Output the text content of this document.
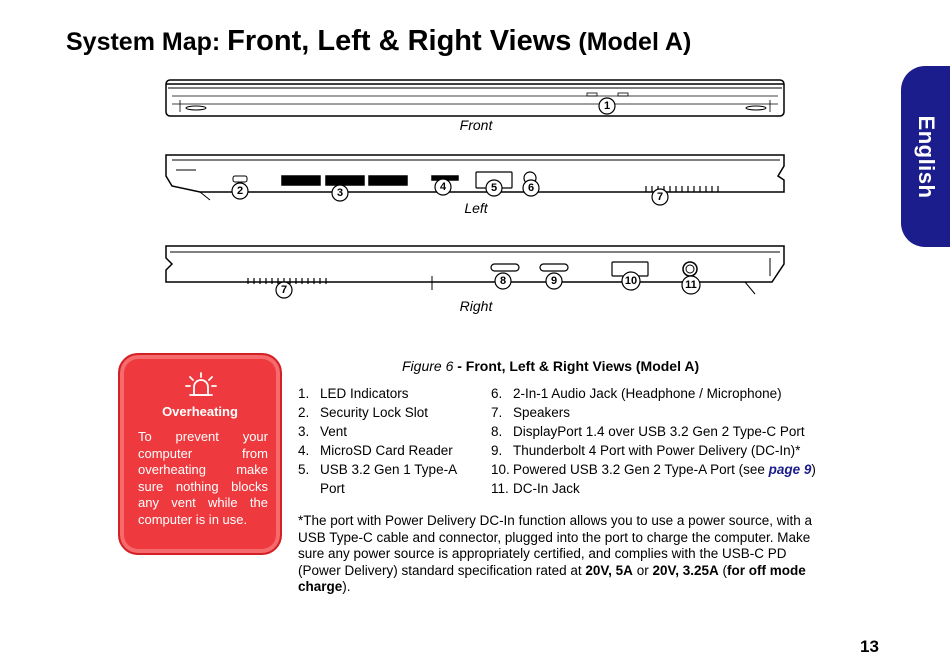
System Map: Front, Left & Right Views (Model A)
English
1
Front
2	3	4	5	6
7
Left
7
8	9	10	11
Right
Figure 6 - Front, Left & Right Views (Model A)
Overheating
To prevent your computer from overheating make sure nothing blocks any vent while the computer is in use.
1. LED Indicators
2. Security Lock Slot
3. Vent
4. MicroSD Card Reader
5. USB 3.2 Gen 1 Type-A Port
6. 2-In-1 Audio Jack (Headphone / Microphone)
7. Speakers
8. DisplayPort 1.4 over USB 3.2 Gen 2 Type-C Port
9. Thunderbolt 4 Port with Power Delivery (DC-In)*
10. Powered USB 3.2 Gen 2 Type-A Port (see page 9)
11. DC-In Jack
*The port with Power Delivery DC-In function allows you to use a power source, with a USB Type-C cable and connector, plugged into the port to charge the computer. Make sure any power source is appropriately certified, and complies with the USB-C PD (Power Delivery) standard specification rated at 20V, 5A or 20V, 3.25A (for off mode charge).
13
